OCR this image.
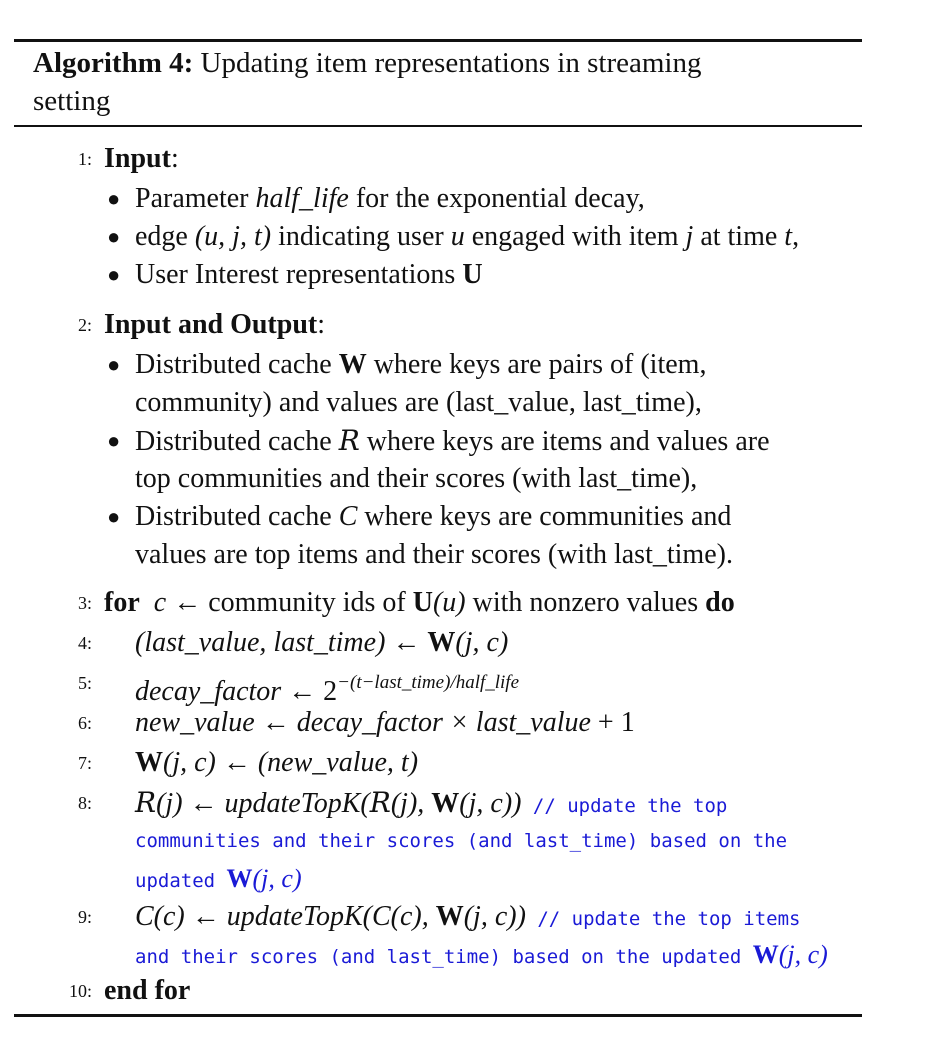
Algorithm 4: Updating item representations in streaming
setting
1 : Input:
● Parameter half_life for the exponential decay,
● edge (u, j, t) indicating user u engaged with item j at time t,
● User Interest representations U
2 : Input and Output:
● Distributed cache W where keys are pairs of (item,
community) and values are (last_value, last_time),
● Distributed cache R where keys are items and values are
top communities and their scores (with last_time),
● Distributed cache C where keys are communities and
values are top items and their scores (with last_time).
3 : for c ← community ids of U(u) with nonzero values do
4 : (last_value, last_time) ← W(j, c)
5 : decay_factor ← $2^{-(t-last\_time)/half\_life}$
6 : new_value ← decay_factor × last_value + 1
7 : W(j, c) ← (new_value, t)
8 : R(j) ← updateTopK(R(j), W(j, c)) // update the top
communities and their scores (and last_time) based on the
updated W(j, c)
9 : C(c) ← updateTopK(C(c), W(j, c)) // update the top items
and their scores (and last_time) based on the updated W(j, c)
10 : end for
